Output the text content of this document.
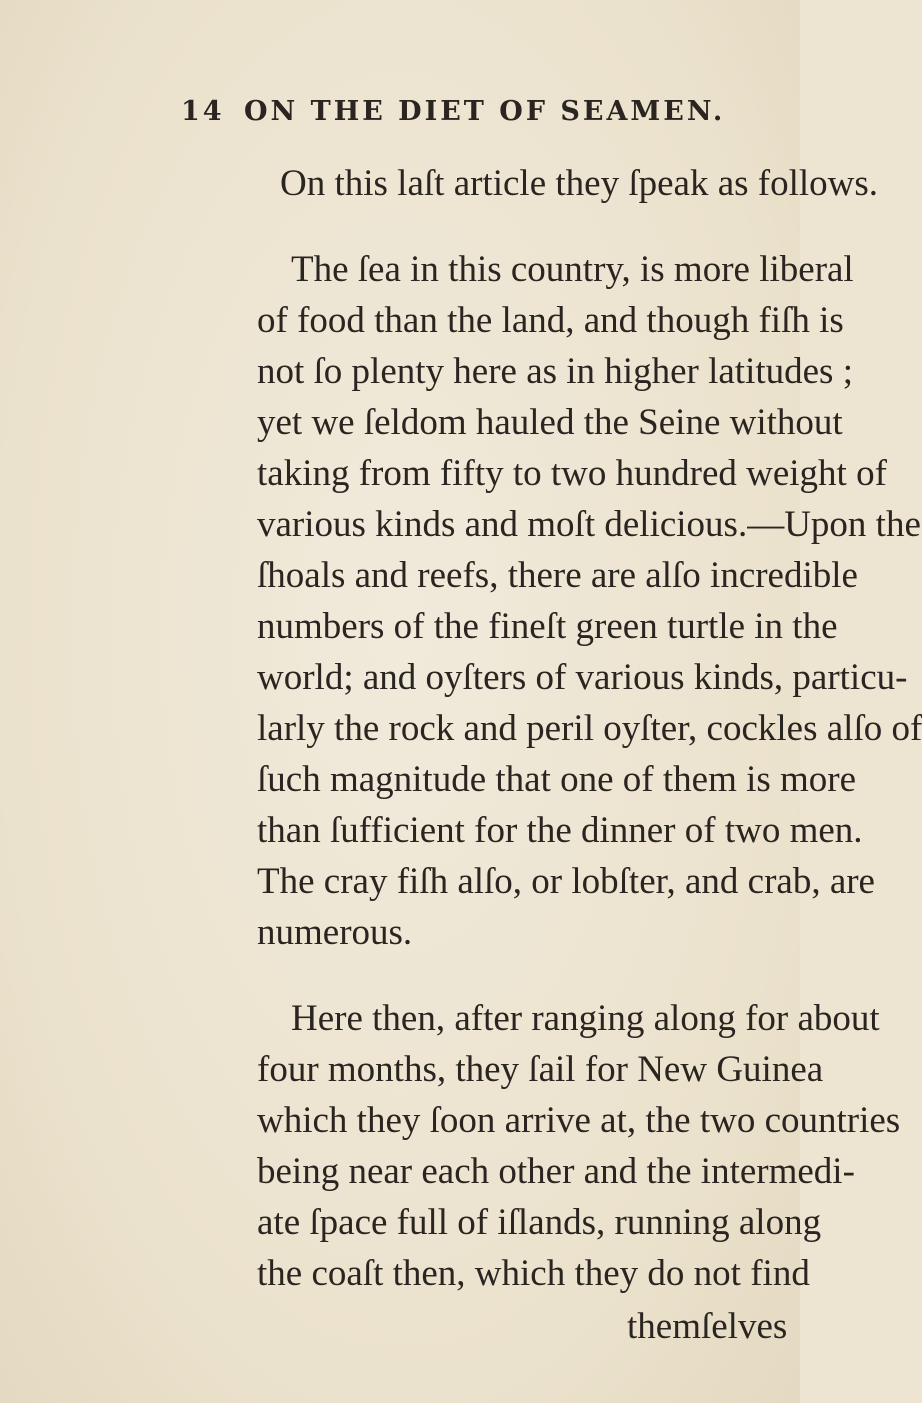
14 ON THE DIET OF SEAMEN.
On this laſt article they ſpeak as follows.
The ſea in this country, is more liberal
of food than the land, and though fiſh is
not ſo plenty here as in higher latitudes ;
yet we ſeldom hauled the Seine without
taking from fifty to two hundred weight of
various kinds and moſt delicious.—Upon the
ſhoals and reefs, there are alſo incredible
numbers of the fineſt green turtle in the
world; and oyſters of various kinds, particu-
larly the rock and peril oyſter, cockles alſo of
ſuch magnitude that one of them is more
than ſufficient for the dinner of two men.
The cray fiſh alſo, or lobſter, and crab, are
numerous.
Here then, after ranging along for about
four months, they ſail for New Guinea
which they ſoon arrive at, the two countries
being near each other and the intermedi-
ate ſpace full of iſlands, running along
the coaſt then, which they do not find
themſelves
